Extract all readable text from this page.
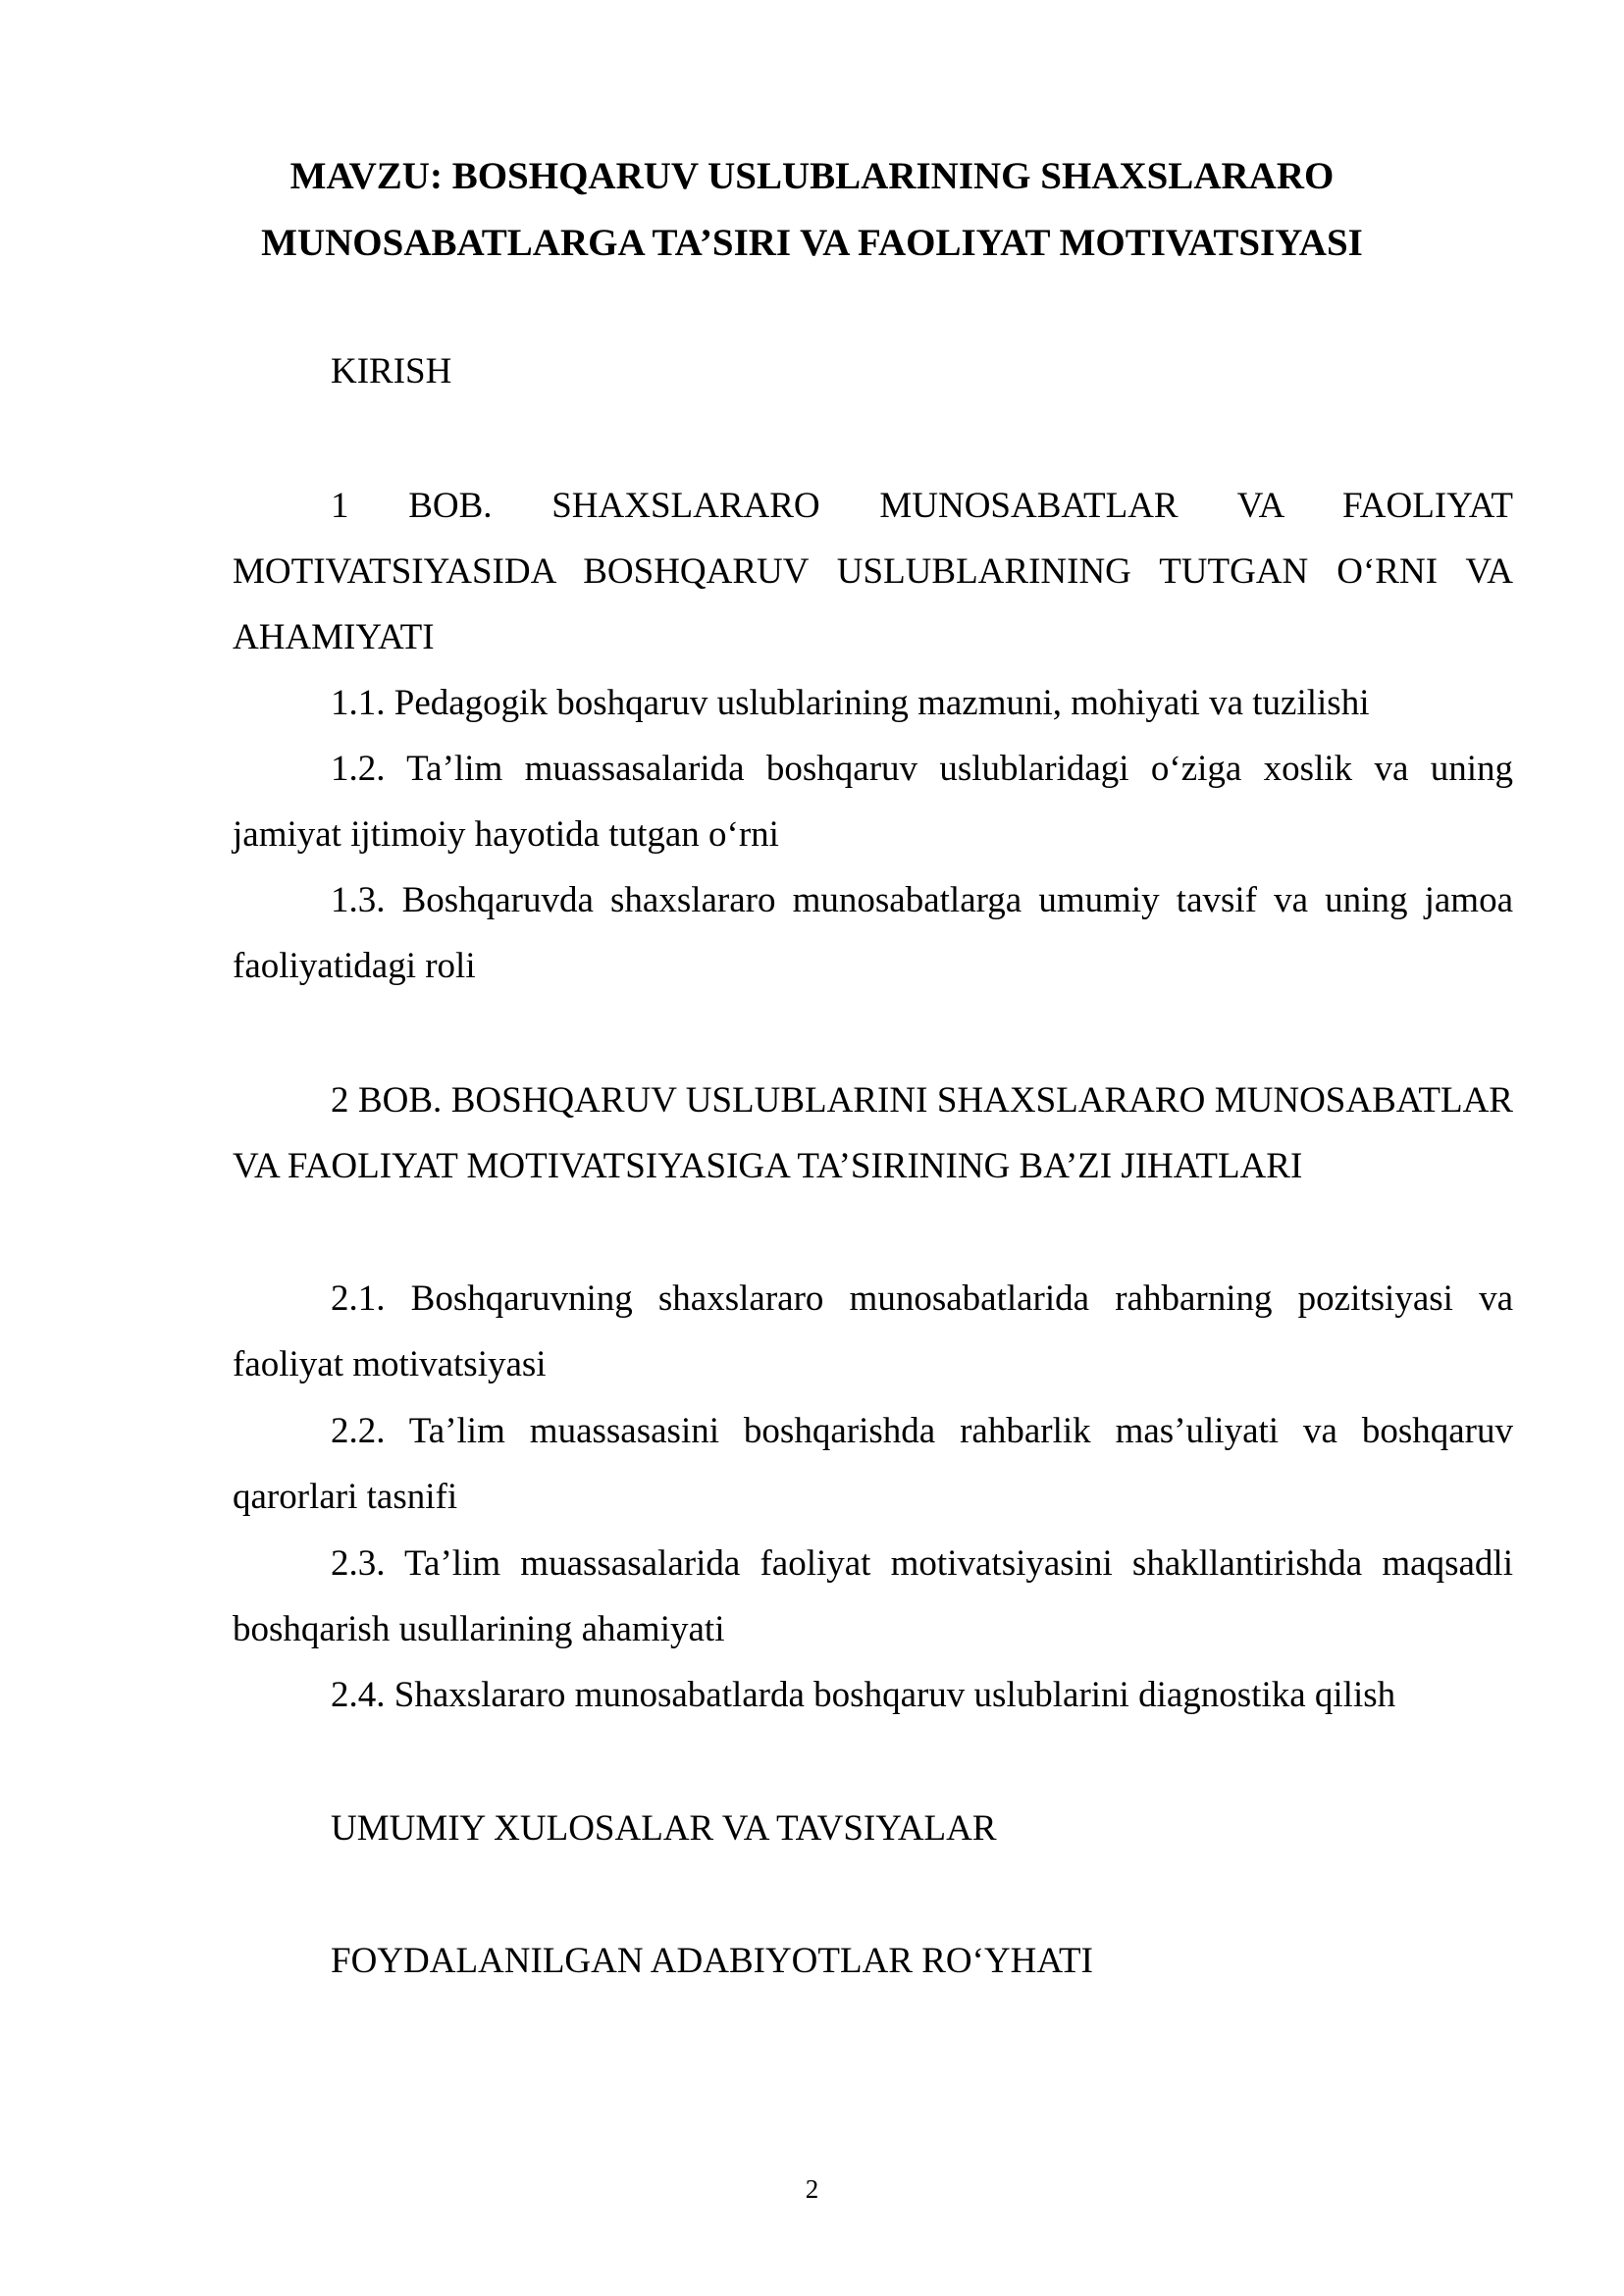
MAVZU: BOSHQARUV USLUBLARINING SHAXSLARARO
MUNOSABATLARGA TA’SIRI VA FAOLIYAT MOTIVATSIYASI
KIRISH
1 BOB. SHAXSLARARO MUNOSABATLAR VA FAOLIYAT MOTIVATSIYASIDA BOSHQARUV USLUBLARINING TUTGAN O‘RNI VA AHAMIYATI
1.1. Pedagogik boshqaruv uslublarining mazmuni, mohiyati va tuzilishi
1.2. Ta’lim muassasalarida boshqaruv uslublaridagi o‘ziga xoslik va uning jamiyat ijtimoiy hayotida tutgan o‘rni
1.3. Boshqaruvda shaxslararo munosabatlarga umumiy tavsif va uning jamoa faoliyatidagi roli
2 BOB. BOSHQARUV USLUBLARINI SHAXSLARARO MUNOSABATLAR VA FAOLIYAT MOTIVATSIYASIGA TA’SIRINING BA’ZI JIHATLARI
2.1. Boshqaruvning shaxslararo munosabatlarida rahbarning pozitsiyasi va faoliyat motivatsiyasi
2.2. Ta’lim muassasasini boshqarishda rahbarlik mas’uliyati va boshqaruv qarorlari tasnifi
2.3. Ta’lim muassasalarida faoliyat motivatsiyasini shakllantirishda maqsadli boshqarish usullarining ahamiyati
2.4. Shaxslararo munosabatlarda boshqaruv uslublarini diagnostika qilish
UMUMIY XULOSALAR VA TAVSIYALAR
FOYDALANILGAN ADABIYOTLAR RO‘YHATI
2
